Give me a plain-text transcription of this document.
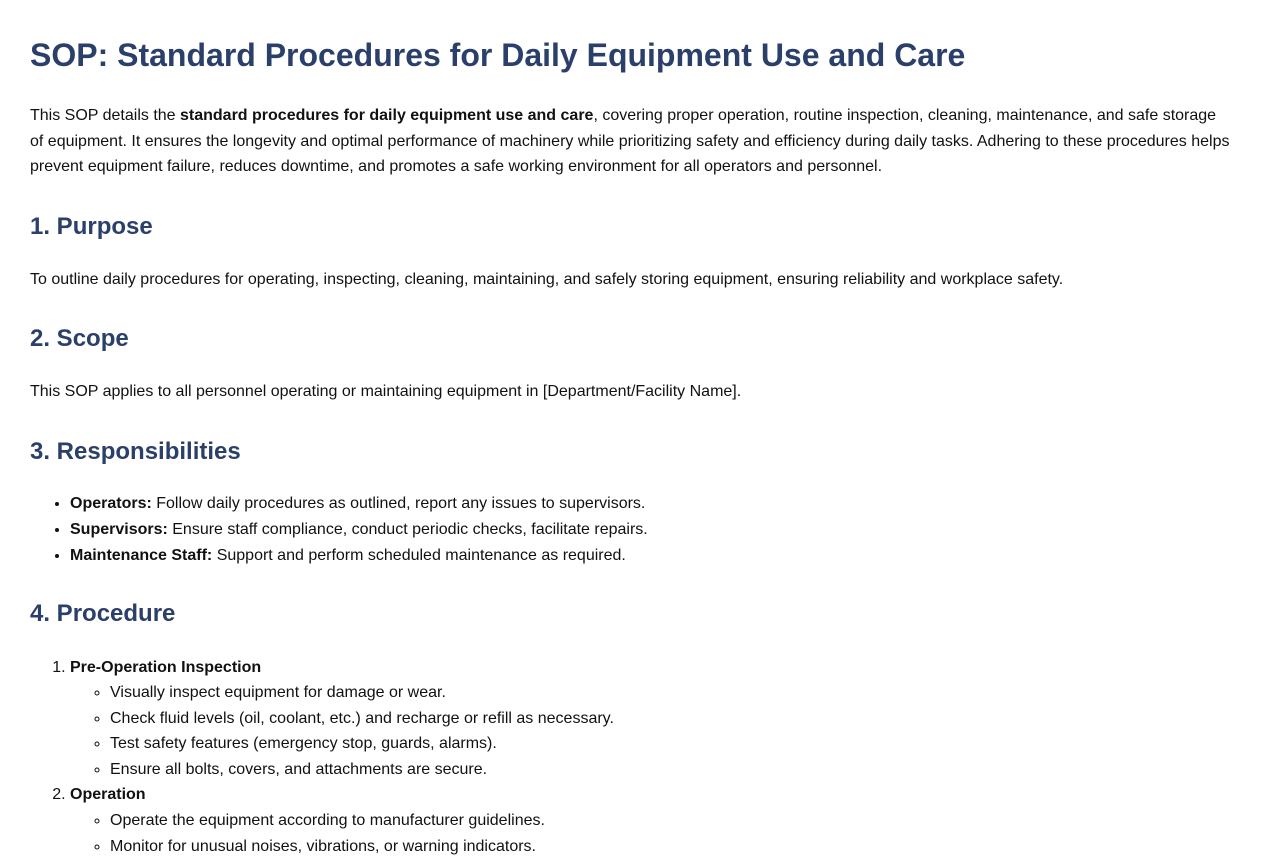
SOP: Standard Procedures for Daily Equipment Use and Care

This SOP details the standard procedures for daily equipment use and care, covering proper operation, routine inspection, cleaning, maintenance, and safe storage of equipment. It ensures the longevity and optimal performance of machinery while prioritizing safety and efficiency during daily tasks. Adhering to these procedures helps prevent equipment failure, reduces downtime, and promotes a safe working environment for all operators and personnel.

1. Purpose

To outline daily procedures for operating, inspecting, cleaning, maintaining, and safely storing equipment, ensuring reliability and workplace safety.

2. Scope

This SOP applies to all personnel operating or maintaining equipment in [Department/Facility Name].

3. Responsibilities
• Operators: Follow daily procedures as outlined, report any issues to supervisors.
• Supervisors: Ensure staff compliance, conduct periodic checks, facilitate repairs.
• Maintenance Staff: Support and perform scheduled maintenance as required.
4. Procedure
1. Pre-Operation Inspection
◦ Visually inspect equipment for damage or wear.
◦ Check fluid levels (oil, coolant, etc.) and recharge or refill as necessary.
◦ Test safety features (emergency stop, guards, alarms).
◦ Ensure all bolts, covers, and attachments are secure.
2. Operation
◦ Operate the equipment according to manufacturer guidelines.
◦ Monitor for unusual noises, vibrations, or warning indicators.
